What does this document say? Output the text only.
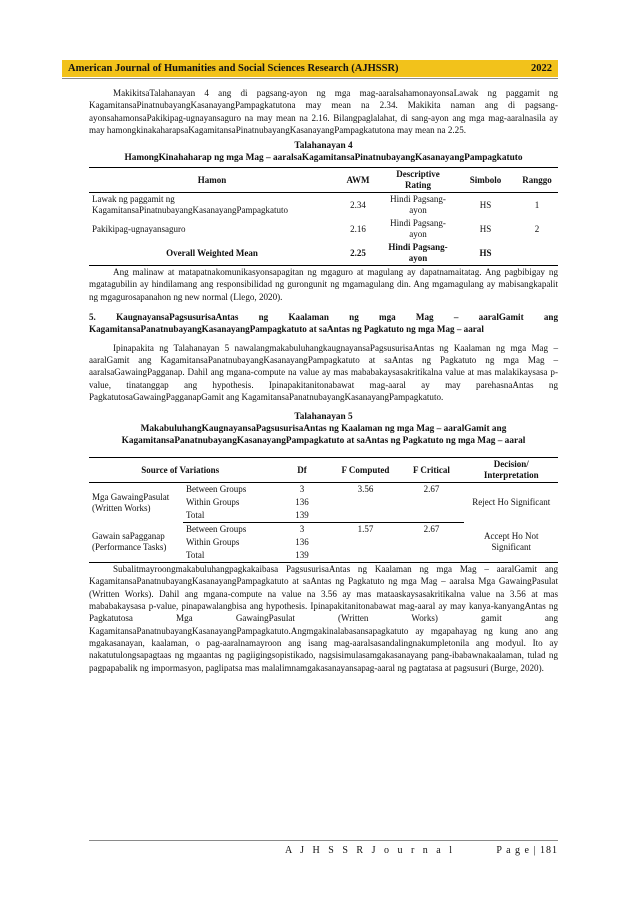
American Journal of Humanities and Social Sciences Research (AJHSSR)	2022

MakikitsaTalahanayan 4 ang di pagsang-ayon ng mga mag-aaralsahamonayonsaLawak ng paggamit ng KagamitansaPinatnubayangKasanayangPampagkatutona may mean na 2.34. Makikita naman ang di pagsang-ayonsahamonsaPakikipag-ugnayansaguro na may mean na 2.16. Bilangpaglalahat, di sang-ayon ang mga mag-aaralnasila ay may hamongkinakaharapsaKagamitansaPinatnubayangKasanayangPampagkatutona may mean na 2.25.

Talahanayan 4
HamongKinahaharap ng mga Mag – aaralsaKagamitansaPinatnubayangKasanayangPampagkatuto
Hamon	AWM	Descriptive Rating	Simbolo	Ranggo
Lawak ng paggamit ng KagamitansaPinatnubayangKasanayangPampagkatuto	2.34	Hindi Pagsang-ayon	HS	1
Pakikipag-ugnayansaguro	2.16	Hindi Pagsang-ayon	HS	2
Overall Weighted Mean	2.25	Hindi Pagsang-ayon	HS	

Ang malinaw at matapatnakomunikasyonsapagitan ng mgaguro at magulang ay dapatnamaitatag. Ang pagbibigay ng mgatagubilin ay hindilamang ang responsibilidad ng gurongunit ng mgamagulang din. Ang mgamagulang ay mabisangkapalit ng mgagurosapanahon ng new normal (Llego, 2020).

5. KaugnayansaPagsusurisaAntas ng Kaalaman ng mga Mag – aaralGamit ang KagamitansaPanatnubayangKasanayangPampagkatuto at saAntas ng Pagkatuto ng mga Mag – aaral

Ipinapakita ng Talahanayan 5 nawalangmakabuluhangkaugnayansaPagsusurisaAntas ng Kaalaman ng mga Mag – aaralGamit ang KagamitansaPanatnubayangKasanayangPampagkatuto at saAntas ng Pagkatuto ng mga Mag – aaralsaGawaingPagganap. Dahil ang mgana-compute na value ay mas mababakaysasakritikalna value at mas malakikaysasa p-value, tinatanggap ang hypothesis. Ipinapakitanitonabawat mag-aaral ay may parehasnaAntas ng PagkatutosaGawaingPagganapGamit ang KagamitansaPanatnubayangKasanayangPampagkatuto.

Talahanayan 5
MakabuluhangKaugnayansaPagsusurisaAntas ng Kaalaman ng mga Mag – aaralGamit ang KagamitansaPanatnubayangKasanayangPampagkatuto at saAntas ng Pagkatuto ng mga Mag – aaral
Source of Variations		Df	F Computed	F Critical	Decision/ Interpretation
Mga GawaingPasulat (Written Works)	Between Groups	3	3.56	2.67	Reject Ho Significant
	Within Groups	136			
	Total	139			
Gawain saPagganap (Performance Tasks)	Between Groups	3	1.57	2.67	Accept Ho Not Significant
	Within Groups	136			
	Total	139			

Subalitmayroongmakabuluhangpagkakaibasa PagsusurisaAntas ng Kaalaman ng mga Mag – aaralGamit ang KagamitansaPanatnubayangKasanayangPampagkatuto at saAntas ng Pagkatuto ng mga Mag – aaralsa Mga GawaingPasulat (Written Works). Dahil ang mgana-compute na value na 3.56 ay mas mataaskaysasakritikalna value na 3.56 at mas mababakaysasa p-value, pinapawalangbisa ang hypothesis. Ipinapakitanitonabawat mag-aaral ay may kanya-kanyangAntas ng Pagkatutosa Mga GawaingPasulat (Written Works) gamit ang KagamitansaPanatnubayangKasanayangPampagkatuto.Angmgakinalabasansapagkatuto ay mgapahayag ng kung ano ang mgakasanayan, kaalaman, o pag-aaralnamayroon ang isang mag-aaralsasandalingnakumpletonila ang modyul. Ito ay nakatutulongsapagtaas ng mgaantas ng pagiigingsopistikado, nagsisimulasamgakasanayang pang-ibabawnakaalaman, tulad ng pagpapabalik ng impormasyon, paglipatsa mas malalimnamgakasanayansapag-aaral ng pagtatasa at pagsusuri (Burge, 2020).

A J H S S R J o u r n a l	P a g e | 181
